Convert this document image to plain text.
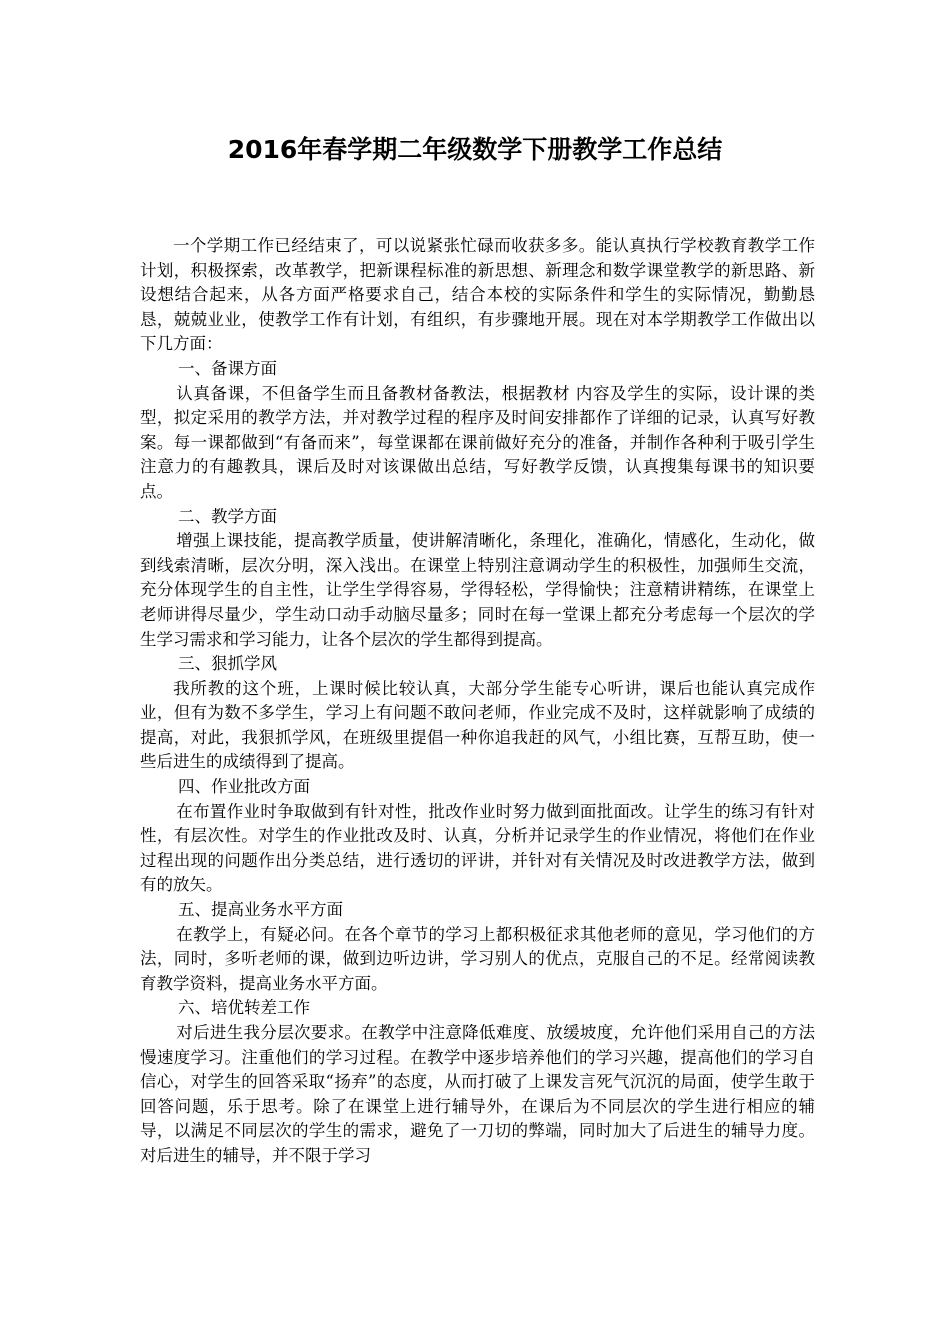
2016年春学期二年级数学下册教学工作总结

一个学期工作已经结束了，可以说紧张忙碌而收获多多。能认真执行学校教育教学工作计划，积极探索，改革教学，把新课程标准的新思想、新理念和数学课堂教学的新思路、新设想结合起来，从各方面严格要求自己，结合本校的实际条件和学生的实际情况，勤勤恳恳，兢兢业业，使教学工作有计划，有组织，有步骤地开展。现在对本学期教学工作做出以下几方面：

一、备课方面

认真备课，不但备学生而且备教材备教法，根据教材 内容及学生的实际，设计课的类型，拟定采用的教学方法，并对教学过程的程序及时间安排都作了详细的记录，认真写好教案。每一课都做到“有备而来”，每堂课都在课前做好充分的准备，并制作各种利于吸引学生注意力的有趣教具，课后及时对该课做出总结，写好教学反馈，认真搜集每课书的知识要点。

二、教学方面

增强上课技能，提高教学质量，使讲解清晰化，条理化，准确化，情感化，生动化，做到线索清晰，层次分明，深入浅出。在课堂上特别注意调动学生的积极性，加强师生交流，充分体现学生的自主性，让学生学得容易，学得轻松，学得愉快；注意精讲精练，在课堂上老师讲得尽量少，学生动口动手动脑尽量多；同时在每一堂课上都充分考虑每一个层次的学生学习需求和学习能力，让各个层次的学生都得到提高。

三、狠抓学风

我所教的这个班，上课时候比较认真，大部分学生能专心听讲，课后也能认真完成作业，但有为数不多学生，学习上有问题不敢问老师，作业完成不及时，这样就影响了成绩的提高，对此，我狠抓学风，在班级里提倡一种你追我赶的风气，小组比赛，互帮互助，使一些后进生的成绩得到了提高。

四、作业批改方面

在布置作业时争取做到有针对性，批改作业时努力做到面批面改。让学生的练习有针对性，有层次性。对学生的作业批改及时、认真，分析并记录学生的作业情况，将他们在作业过程出现的问题作出分类总结，进行透切的评讲，并针对有关情况及时改进教学方法，做到有的放矢。

五、提高业务水平方面

在教学上，有疑必问。在各个章节的学习上都积极征求其他老师的意见，学习他们的方法，同时，多听老师的课，做到边听边讲，学习别人的优点，克服自己的不足。经常阅读教育教学资料，提高业务水平方面。

六、培优转差工作

对后进生我分层次要求。在教学中注意降低难度、放缓坡度，允许他们采用自己的方法慢速度学习。注重他们的学习过程。在教学中逐步培养他们的学习兴趣，提高他们的学习自信心，对学生的回答采取“扬弃”的态度，从而打破了上课发言死气沉沉的局面，使学生敢于回答问题，乐于思考。除了在课堂上进行辅导外，在课后为不同层次的学生进行相应的辅导，以满足不同层次的学生的需求，避免了一刀切的弊端，同时加大了后进生的辅导力度。对后进生的辅导，并不限于学习
